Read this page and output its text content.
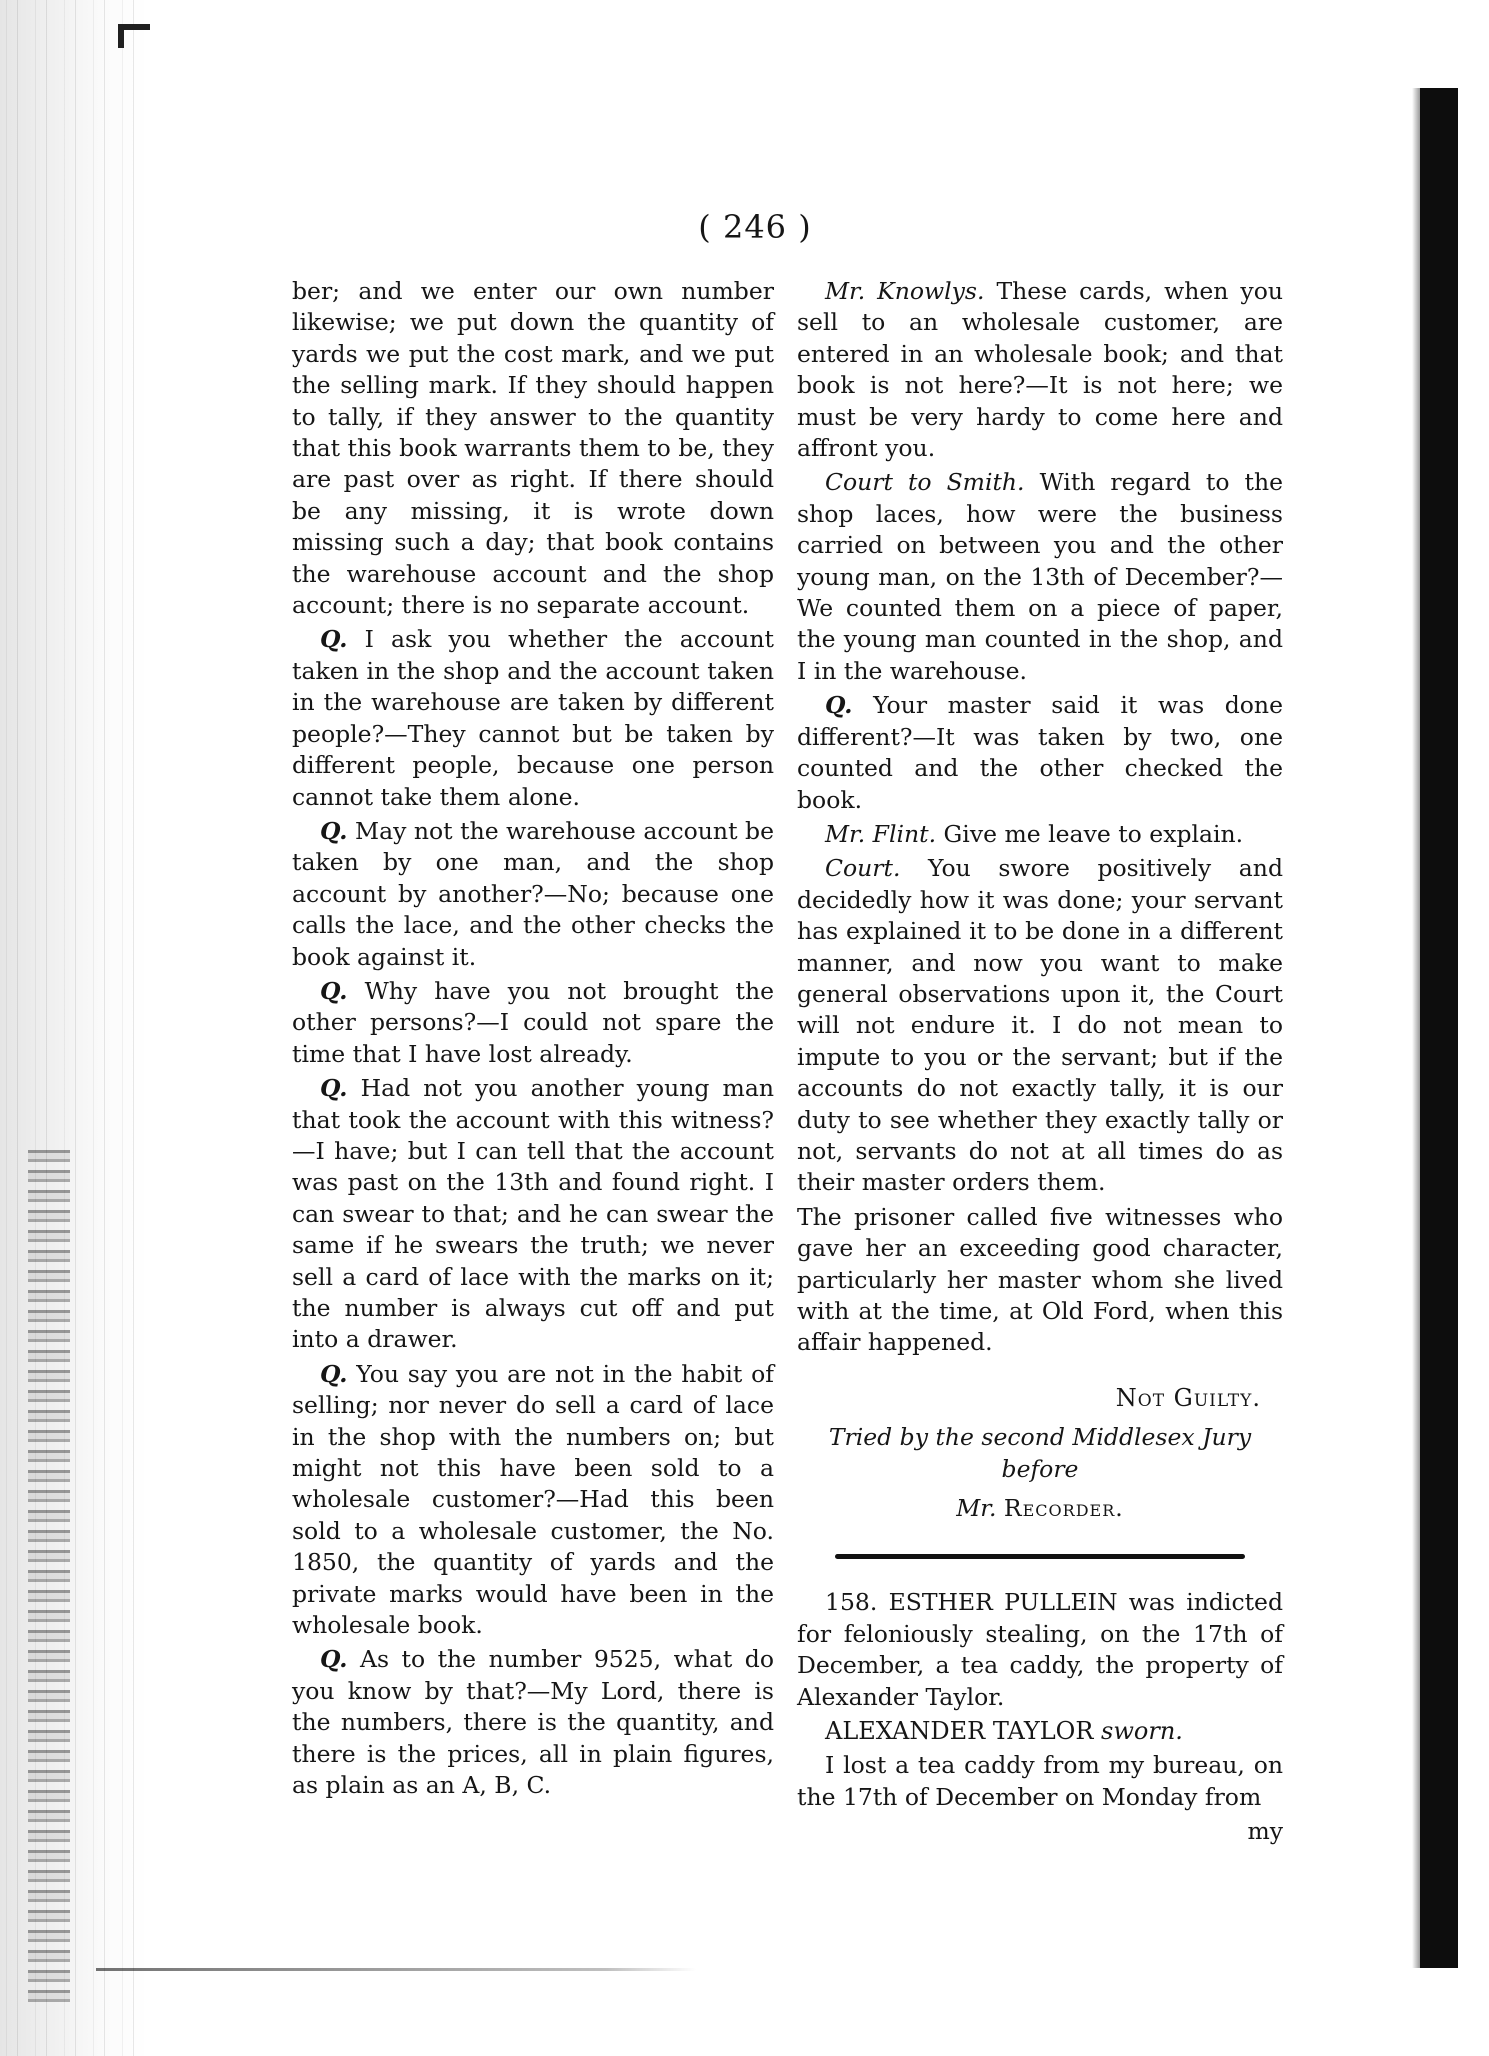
( 246 )

ber; and we enter our own number likewise; we put down the quantity of yards we put the cost mark, and we put the selling mark. If they should happen to tally, if they answer to the quantity that this book warrants them to be, they are past over as right. If there should be any missing, it is wrote down missing such a day; that book contains the warehouse account and the shop account; there is no separate account.

Q. I ask you whether the account taken in the shop and the account taken in the warehouse are taken by different people?—They cannot but be taken by different people, because one person cannot take them alone.

Q. May not the warehouse account be taken by one man, and the shop account by another?—No; because one calls the lace, and the other checks the book against it.

Q. Why have you not brought the other persons?—I could not spare the time that I have lost already.

Q. Had not you another young man that took the account with this witness?—I have; but I can tell that the account was past on the 13th and found right. I can swear to that; and he can swear the same if he swears the truth; we never sell a card of lace with the marks on it; the number is always cut off and put into a drawer.

Q. You say you are not in the habit of selling; nor never do sell a card of lace in the shop with the numbers on; but might not this have been sold to a wholesale customer?—Had this been sold to a wholesale customer, the No. 1850, the quantity of yards and the private marks would have been in the wholesale book.

Q. As to the number 9525, what do you know by that?—My Lord, there is the numbers, there is the quantity, and there is the prices, all in plain figures, as plain as an A, B, C.

Mr. Knowlys. These cards, when you sell to an wholesale customer, are entered in an wholesale book; and that book is not here?—It is not here; we must be very hardy to come here and affront you.

Court to Smith. With regard to the shop laces, how were the business carried on between you and the other young man, on the 13th of December?—We counted them on a piece of paper, the young man counted in the shop, and I in the warehouse.

Q. Your master said it was done different?—It was taken by two, one counted and the other checked the book.

Mr. Flint. Give me leave to explain.

Court. You swore positively and decidedly how it was done; your servant has explained it to be done in a different manner, and now you want to make general observations upon it, the Court will not endure it. I do not mean to impute to you or the servant; but if the accounts do not exactly tally, it is our duty to see whether they exactly tally or not, servants do not at all times do as their master orders them.

The prisoner called five witnesses who gave her an exceeding good character, particularly her master whom she lived with at the time, at Old Ford, when this affair happened.

Not Guilty.
Tried by the second Middlesex Jury before
Mr. Recorder.

158. ESTHER PULLEIN was indicted for feloniously stealing, on the 17th of December, a tea caddy, the property of Alexander Taylor.

ALEXANDER TAYLOR sworn.

I lost a tea caddy from my bureau, on the 17th of December on Monday from

my
